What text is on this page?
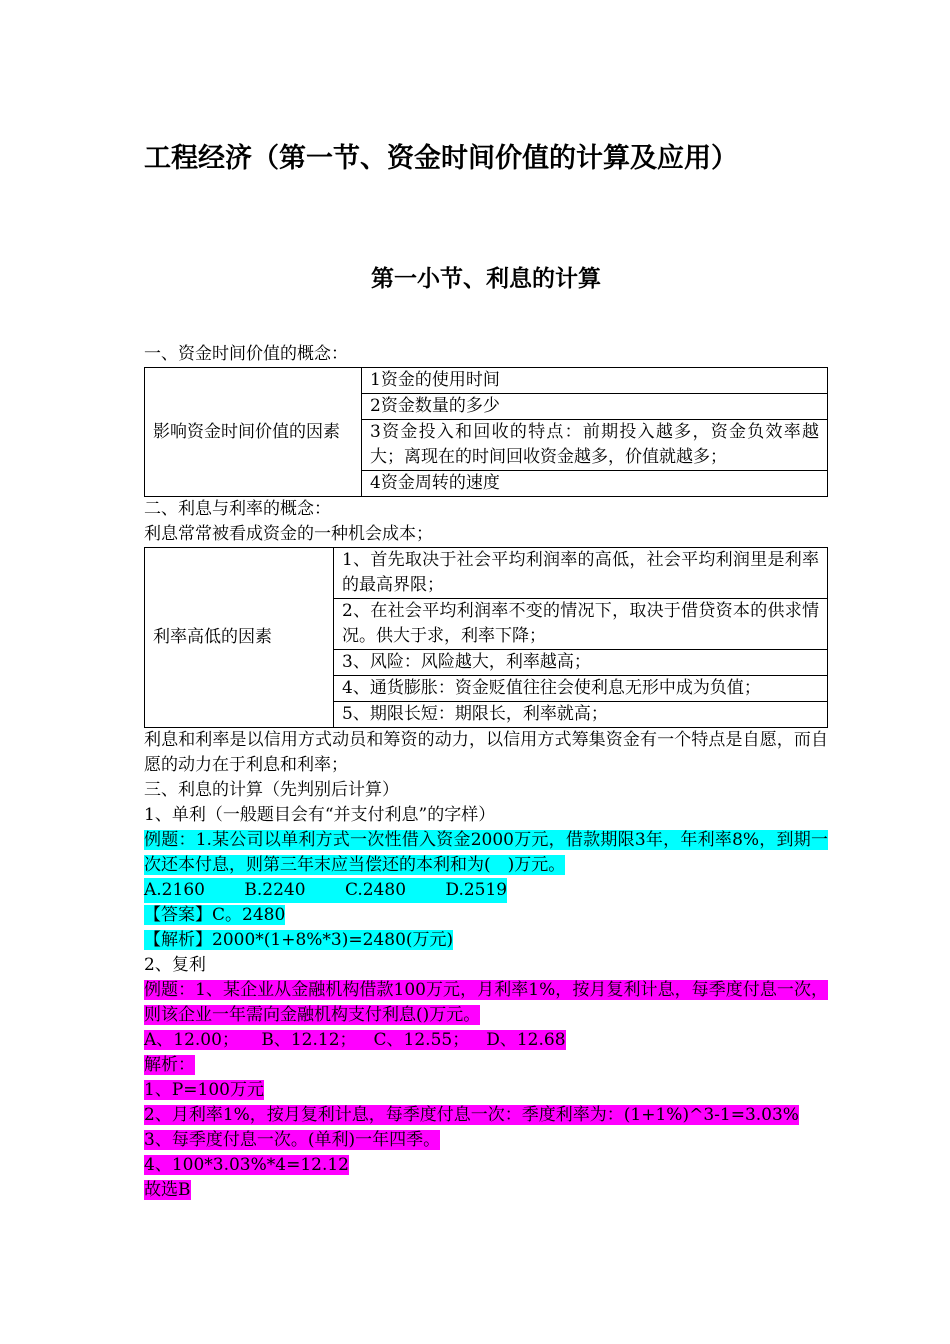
工程经济（第一节、资金时间价值的计算及应用）
第一小节、利息的计算
一、资金时间价值的概念：
影响资金时间价值的因素	1资金的使用时间
2资金数量的多少
3资金投入和回收的特点：前期投入越多，资金负效率越大；离现在的时间回收资金越多，价值就越多；
4资金周转的速度
二、利息与利率的概念：
利息常常被看成资金的一种机会成本；
利率高低的因素	1、首先取决于社会平均利润率的高低，社会平均利润里是利率的最高界限；
2、在社会平均利润率不变的情况下，取决于借贷资本的供求情况。供大于求，利率下降；
3、风险：风险越大，利率越高；
4、通货膨胀：资金贬值往往会使利息无形中成为负值；
5、期限长短：期限长，利率就高；
利息和利率是以信用方式动员和筹资的动力，以信用方式筹集资金有一个特点是自愿，而自愿的动力在于利息和利率；
三、利息的计算（先判别后计算）
1、单利（一般题目会有“并支付利息”的字样）
例题：1.某公司以单利方式一次性借入资金2000万元，借款期限3年，年利率8%，到期一次还本付息，则第三年末应当偿还的本利和为(　)万元。
A.2160   B.2240   C.2480   D.2519
【答案】C。2480
【解析】2000*(1+8%*3)=2480(万元)
2、复利
例题：1、某企业从金融机构借款100万元，月利率1%，按月复利计息，每季度付息一次，则该企业一年需向金融机构支付利息()万元。
A、12.00；  B、12.12；  C、12.55；  D、12.68
解析：
1、P=100万元
2、月利率1%，按月复利计息，每季度付息一次：季度利率为：(1+1%)^3-1=3.03%
3、每季度付息一次。(单利)一年四季。
4、100*3.03%*4=12.12
故选B
